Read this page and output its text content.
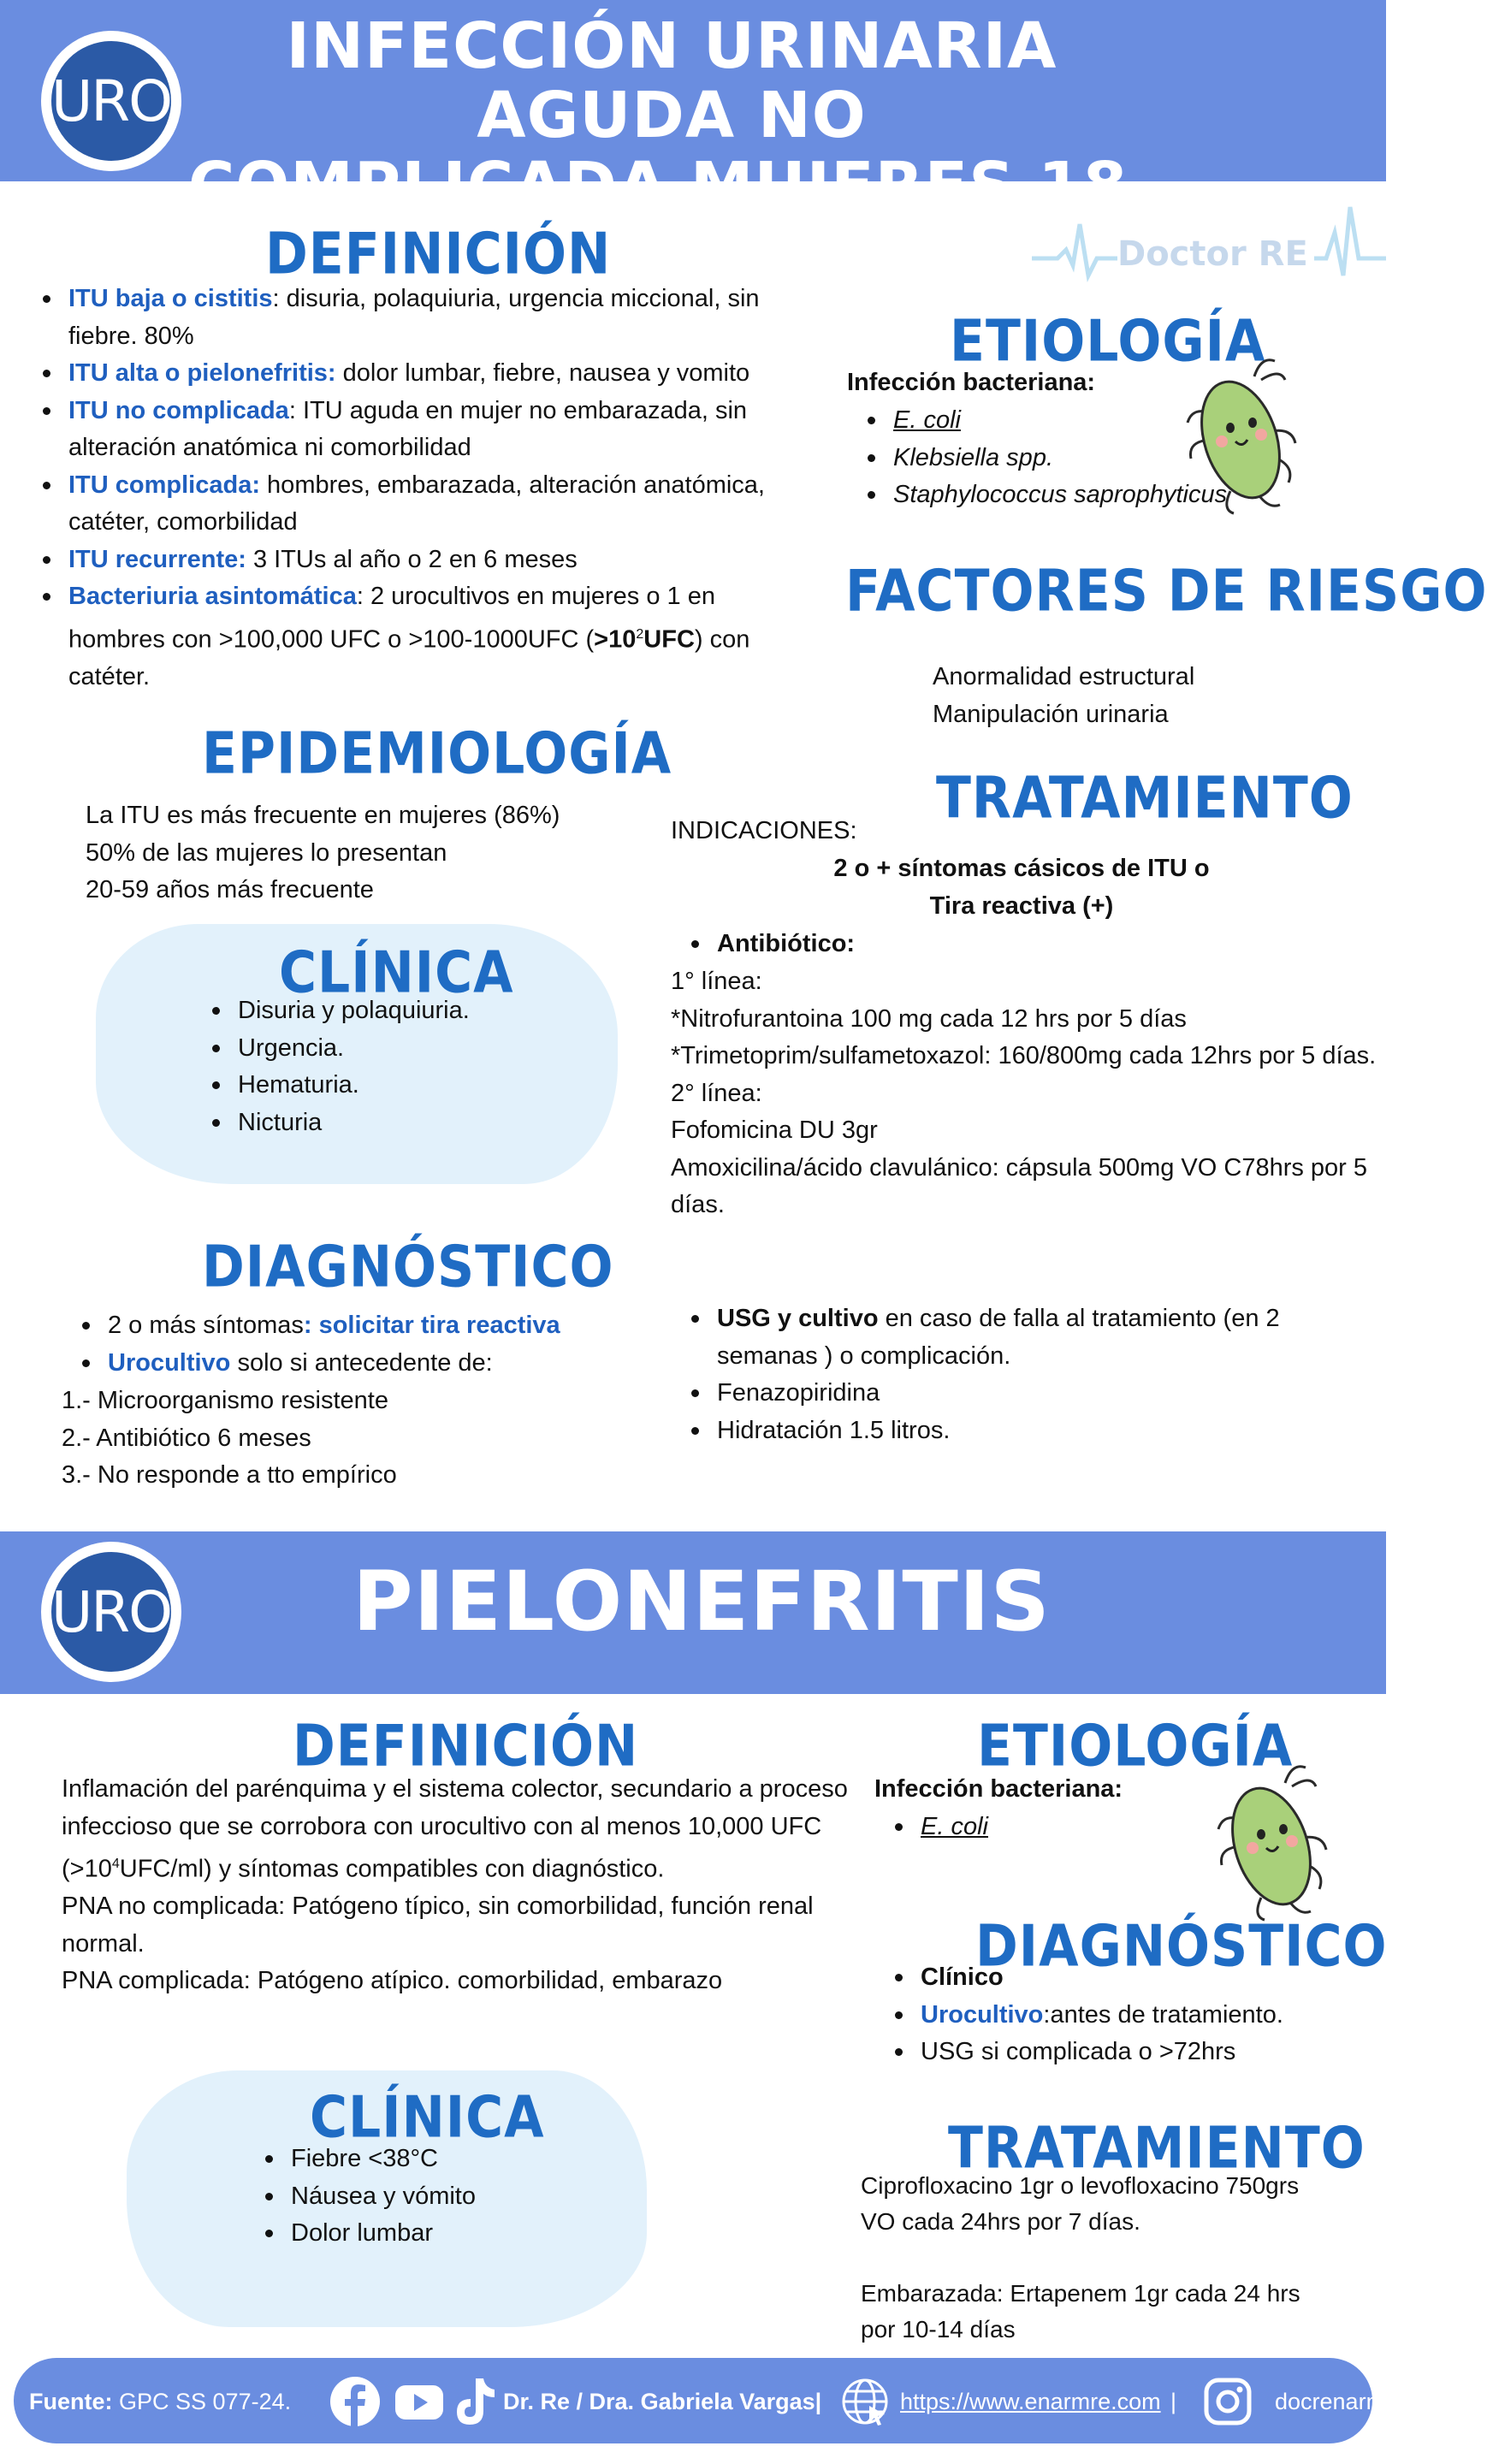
URO
INFECCIÓN URINARIA AGUDA NO
COMPLICADA MUJERES 18-59 AÑOS	Doctor RE
DEFINICIÓN
ITU baja o cistitis: disuria, polaquiuria, urgencia miccional, sin fiebre. 80%
ITU alta o pielonefritis: dolor lumbar, fiebre, nausea y vomito
ITU no complicada: ITU aguda en mujer no embarazada, sin alteración anatómica ni comorbilidad
ITU complicada: hombres, embarazada, alteración anatómica, catéter, comorbilidad
ITU recurrente: 3 ITUs al año o 2 en 6 meses
Bacteriuria asintomática: 2 urocultivos en mujeres o 1 en hombres con >100,000 UFC o >100-1000UFC $(>10^2UFC)$ con catéter.
ETIOLOGÍA
Infección bacteriana:
E. coli
Klebsiella spp.
Staphylococcus saprophyticus
FACTORES DE RIESGO

Anormalidad estructural

Manipulación urinaria

EPIDEMIOLOGÍA

La ITU es más frecuente en mujeres (86%)

50% de las mujeres lo presentan

20-59 años más frecuente

CLÍNICA
Disuria y polaquiuria.
Urgencia.
Hematuria.
Nicturia
DIAGNÓSTICO
2 o más síntomas: solicitar tira reactiva
Urocultivo solo si antecedente de:

1.- Microorganismo resistente

2.- Antibiótico 6 meses

3.- No responde a tto empírico

TRATAMIENTO
INDICACIONES:

2 o + síntomas cásicos de ITU o

Tira reactiva (+)

Antibiótico:

1° línea:

*Nitrofurantoina 100 mg cada 12 hrs por 5 días

*Trimetoprim/sulfametoxazol: 160/800mg cada 12hrs por 5 días.

2° línea:

Fofomicina DU 3gr

Amoxicilina/ácido clavulánico: cápsula 500mg VO C78hrs por 5 días.

USG y cultivo en caso de falla al tratamiento (en 2 semanas ) o complicación.
Fenazopiridina
Hidratación 1.5 litros.
URO	PIELONEFRITIS
DEFINICIÓN

Inflamación del parénquima y el sistema colector, secundario a proceso infeccioso que se corrobora con urocultivo con al menos 10,000 UFC $(>10^4UFC/ml)$ y síntomas compatibles con diagnóstico.

PNA no complicada: Patógeno típico, sin comorbilidad, función renal normal.

PNA complicada: Patógeno atípico. comorbilidad, embarazo

ETIOLOGÍA
Infección bacteriana:
E. coli
DIAGNÓSTICO
Clínico
Urocultivo:antes de tratamiento.
USG si complicada o >72hrs
CLÍNICA
Fiebre <38°C
Náusea y vómito
Dolor lumbar
TRATAMIENTO

Ciprofloxacino 1gr o levofloxacino 750grs

VO cada 24hrs por 7 días.

Embarazada: Ertapenem 1gr cada 24 hrs

por 10-14 días

Fuente: GPC SS 077-24.	Dr. Re / Dra. Gabriela Vargas|	https://www.enarmre.com |	docrenarm
